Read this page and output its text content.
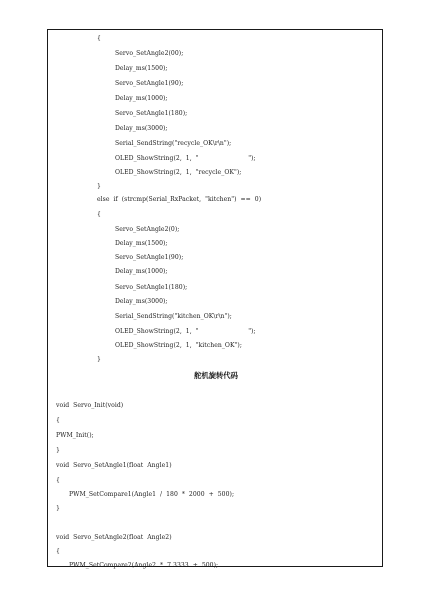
{
Servo_SetAngle2(00);
Delay_ms(1500);
Servo_SetAngle1(90);
Delay_ms(1000);
Servo_SetAngle1(180);
Delay_ms(3000);
Serial_SendString("recycle_OK\r\n");
OLED_ShowString(2,  1,  "                         ");
OLED_ShowString(2,  1,  "recycle_OK");
}
else  if  (strcmp(Serial_RxPacket,  "kitchen")  ==  0)
{
Servo_SetAngle2(0);
Delay_ms(1500);
Servo_SetAngle1(90);
Delay_ms(1000);
Servo_SetAngle1(180);
Delay_ms(3000);
Serial_SendString("kitchen_OK\r\n");
OLED_ShowString(2,  1,  "                         ");
OLED_ShowString(2,  1,  "kitchen_OK");
}
舵机旋转代码
void  Servo_Init(void)
{
PWM_Init();
}
void  Servo_SetAngle1(float  Angle1)
{
PWM_SetCompare1(Angle1  /  180  *  2000  +  500);
}
void  Servo_SetAngle2(float  Angle2)
{
PWM_SetCompare2(Angle2  *  7.3333  +  500);
